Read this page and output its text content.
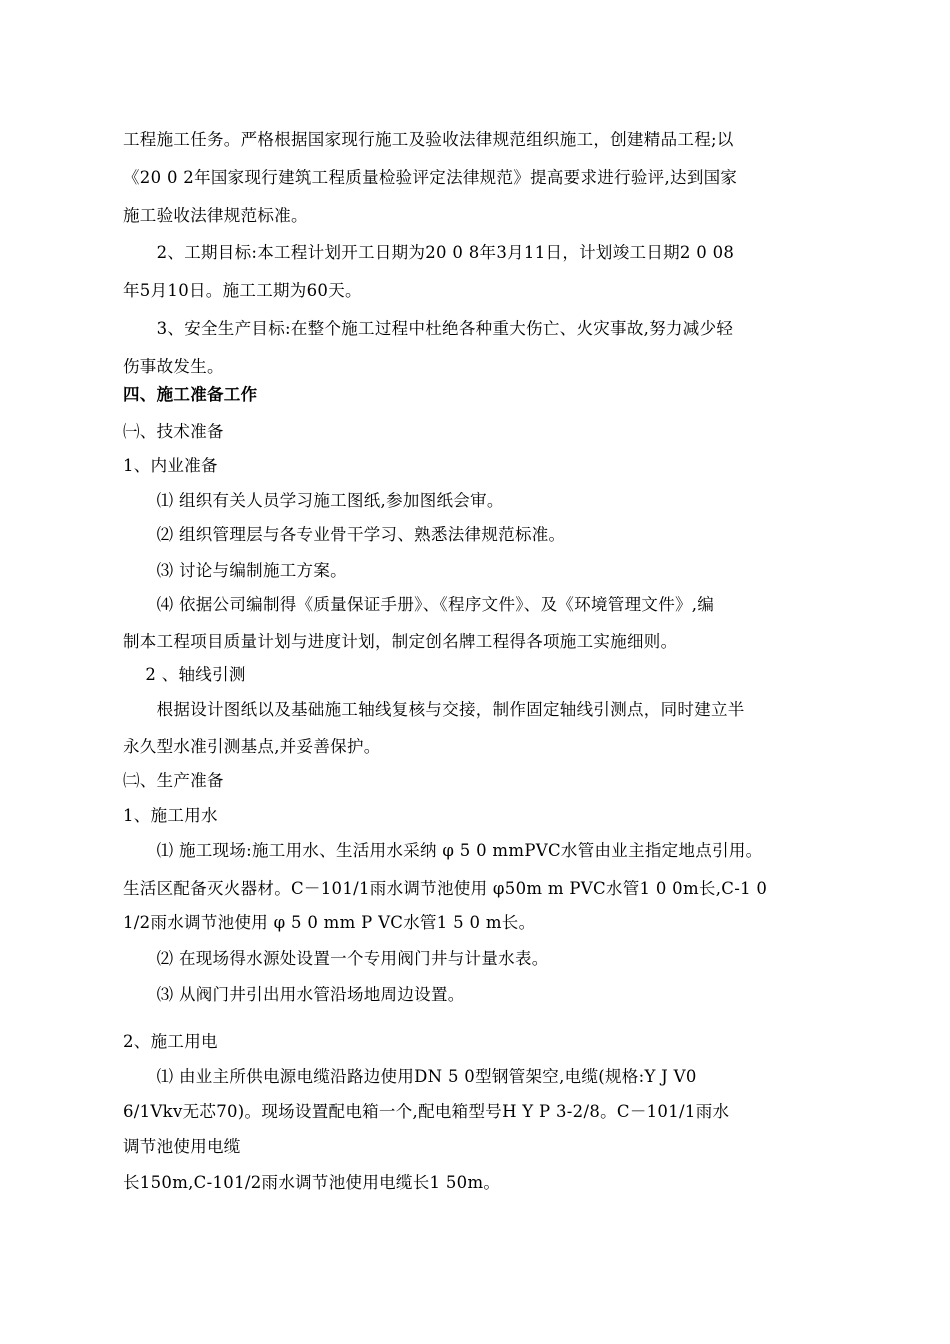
工程施工任务。严格根据国家现行施工及验收法律规范组织施工，创建精品工程;以
《20 0 2年国家现行建筑工程质量检验评定法律规范》提高要求进行验评,达到国家
施工验收法律规范标准。
　　2、工期目标:本工程计划开工日期为20 0 8年3月11日，计划竣工日期2 0 08
年5月10日。施工工期为60天。
　　3、安全生产目标:在整个施工过程中杜绝各种重大伤亡、火灾事故,努力减少轻
伤事故发生。
四、施工准备工作
㈠、技术准备
1、内业准备
　　⑴ 组织有关人员学习施工图纸,参加图纸会审。
　　⑵ 组织管理层与各专业骨干学习、熟悉法律规范标准。
　　⑶ 讨论与编制施工方案。
　　⑷ 依据公司编制得《质量保证手册》、《程序文件》、及《环境管理文件》,编
制本工程项目质量计划与进度计划，制定创名牌工程得各项施工实施细则。
　 2 、轴线引测
　　根据设计图纸以及基础施工轴线复核与交接，制作固定轴线引测点，同时建立半
永久型水准引测基点,并妥善保护。
㈡、生产准备
1、施工用水
　　⑴ 施工现场:施工用水、生活用水采纳 φ 5 0 mmPVC水管由业主指定地点引用。
生活区配备灭火器材。C－101/1雨水调节池使用 φ50m m PVC水管1 0 0m长,C-1 0
1/2雨水调节池使用 φ 5 0 mm P VC水管1 5 0 m长。
　　⑵ 在现场得水源处设置一个专用阀门井与计量水表。
　　⑶ 从阀门井引出用水管沿场地周边设置。
2、施工用电
　　⑴ 由业主所供电源电缆沿路边使用DN 5 0型钢管架空,电缆(规格:Y J V0
6/1Vkv无芯70)。现场设置配电箱一个,配电箱型号H Y P 3-2/8。C－101/1雨水
调节池使用电缆
长150m,C-101/2雨水调节池使用电缆长1 50m。
